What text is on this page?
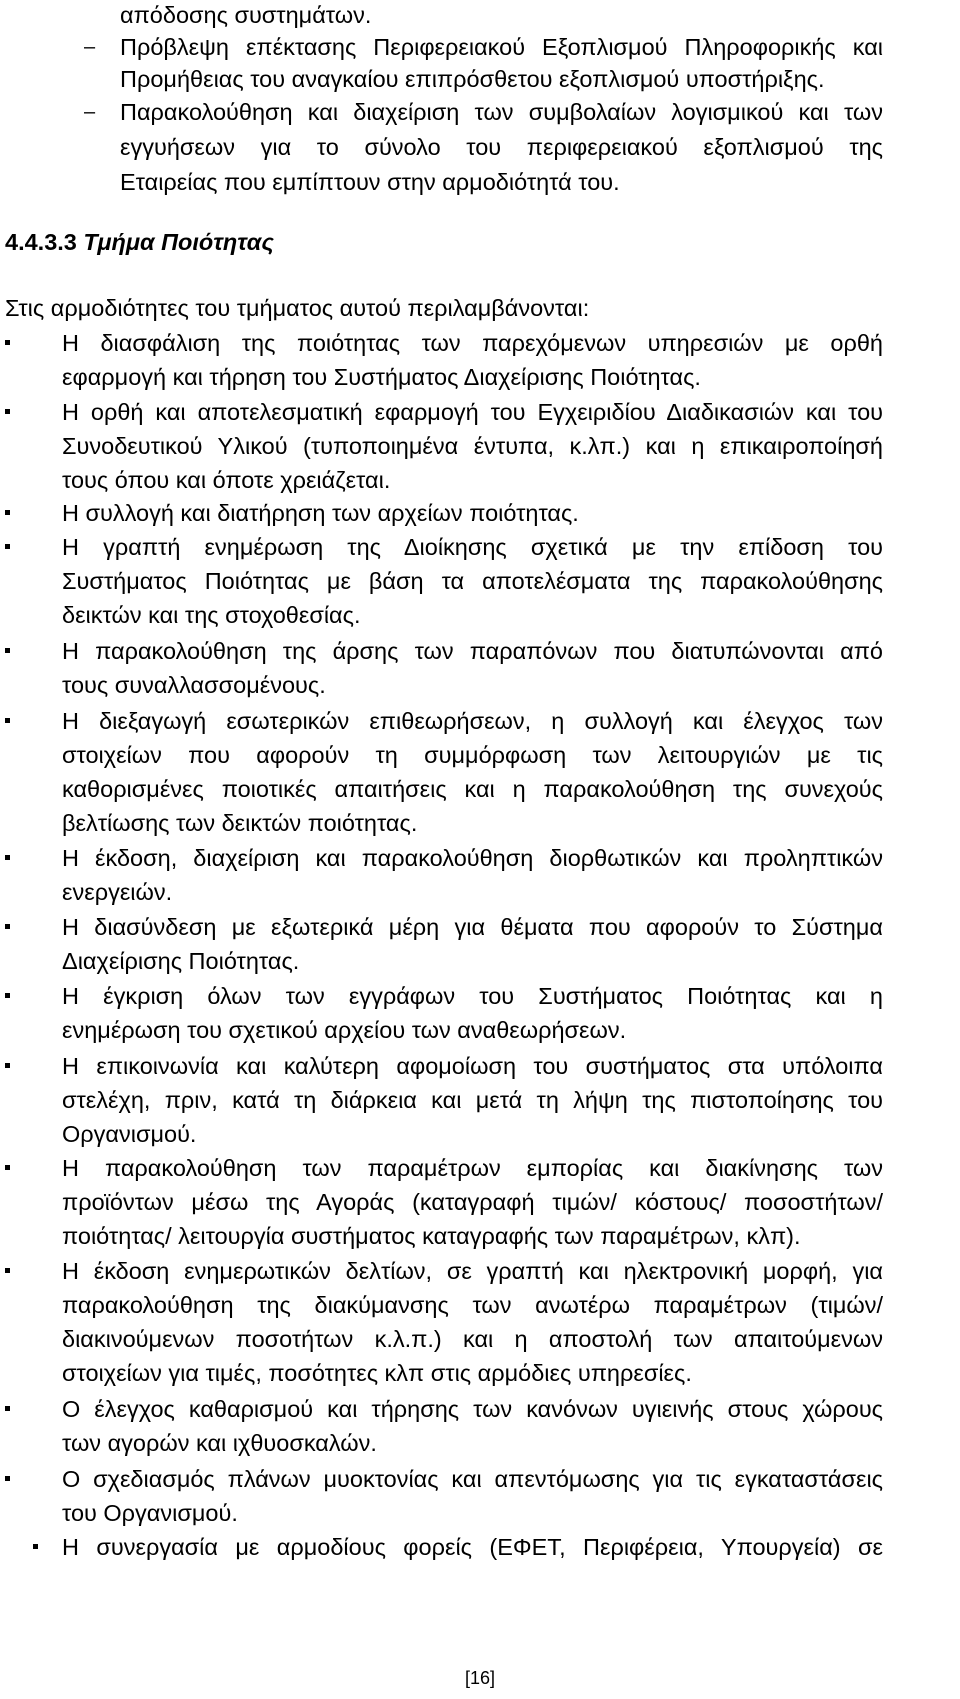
απόδοσης συστημάτων.
– Πρόβλεψη επέκτασης Περιφερειακού Εξοπλισμού Πληροφορικής και
Προμήθειας του αναγκαίου επιπρόσθετου εξοπλισμού υποστήριξης.
– Παρακολούθηση και διαχείριση των συμβολαίων λογισμικού και των
εγγυήσεων για το σύνολο του περιφερειακού εξοπλισμού της
Εταιρείας που εμπίπτουν στην αρμοδιότητά του.
4.4.3.3 Τμήμα Ποιότητας
Στις αρμοδιότητες του τμήματος αυτού περιλαμβάνονται:
Η διασφάλιση της ποιότητας των παρεχόμενων υπηρεσιών με ορθή
εφαρμογή και τήρηση του Συστήματος Διαχείρισης Ποιότητας.
Η ορθή και αποτελεσματική εφαρμογή του Εγχειριδίου Διαδικασιών και του
Συνοδευτικού Υλικού (τυποποιημένα έντυπα, κ.λπ.) και η επικαιροποίησή
τους όπου και όποτε χρειάζεται.
Η συλλογή και διατήρηση των αρχείων ποιότητας.
Η γραπτή ενημέρωση της Διοίκησης σχετικά με την επίδοση του
Συστήματος Ποιότητας με βάση τα αποτελέσματα της παρακολούθησης
δεικτών και της στοχοθεσίας.
Η παρακολούθηση της άρσης των παραπόνων που διατυπώνονται από
τους συναλλασσομένους.
Η διεξαγωγή εσωτερικών επιθεωρήσεων, η συλλογή και έλεγχος των
στοιχείων που αφορούν τη συμμόρφωση των λειτουργιών με τις
καθορισμένες ποιοτικές απαιτήσεις και η παρακολούθηση της συνεχούς
βελτίωσης των δεικτών ποιότητας.
Η έκδοση, διαχείριση και παρακολούθηση διορθωτικών και προληπτικών
ενεργειών.
Η διασύνδεση με εξωτερικά μέρη για θέματα που αφορούν το Σύστημα
Διαχείρισης Ποιότητας.
Η έγκριση όλων των εγγράφων του Συστήματος Ποιότητας και η
ενημέρωση του σχετικού αρχείου των αναθεωρήσεων.
Η επικοινωνία και καλύτερη αφομοίωση του συστήματος στα υπόλοιπα
στελέχη, πριν, κατά τη διάρκεια και μετά τη λήψη της πιστοποίησης του
Οργανισμού.
Η παρακολούθηση των παραμέτρων εμπορίας και διακίνησης των
προϊόντων μέσω της Αγοράς (καταγραφή τιμών/ κόστους/ ποσοστήτων/
ποιότητας/ λειτουργία συστήματος καταγραφής των παραμέτρων, κλπ).
Η έκδοση ενημερωτικών δελτίων, σε γραπτή και ηλεκτρονική μορφή, για
παρακολούθηση της διακύμανσης των ανωτέρω παραμέτρων (τιμών/
διακινούμενων ποσοτήτων κ.λ.π.) και η αποστολή των απαιτούμενων
στοιχείων για τιμές, ποσότητες κλπ στις αρμόδιες υπηρεσίες.
Ο έλεγχος καθαρισμού και τήρησης των κανόνων υγιεινής στους χώρους
των αγορών και ιχθυοσκαλών.
Ο σχεδιασμός πλάνων μυοκτονίας και απεντόμωσης για τις εγκαταστάσεις
του Οργανισμού.
Η συνεργασία με αρμοδίους φορείς (ΕΦΕΤ, Περιφέρεια, Υπουργεία) σε
[16]
